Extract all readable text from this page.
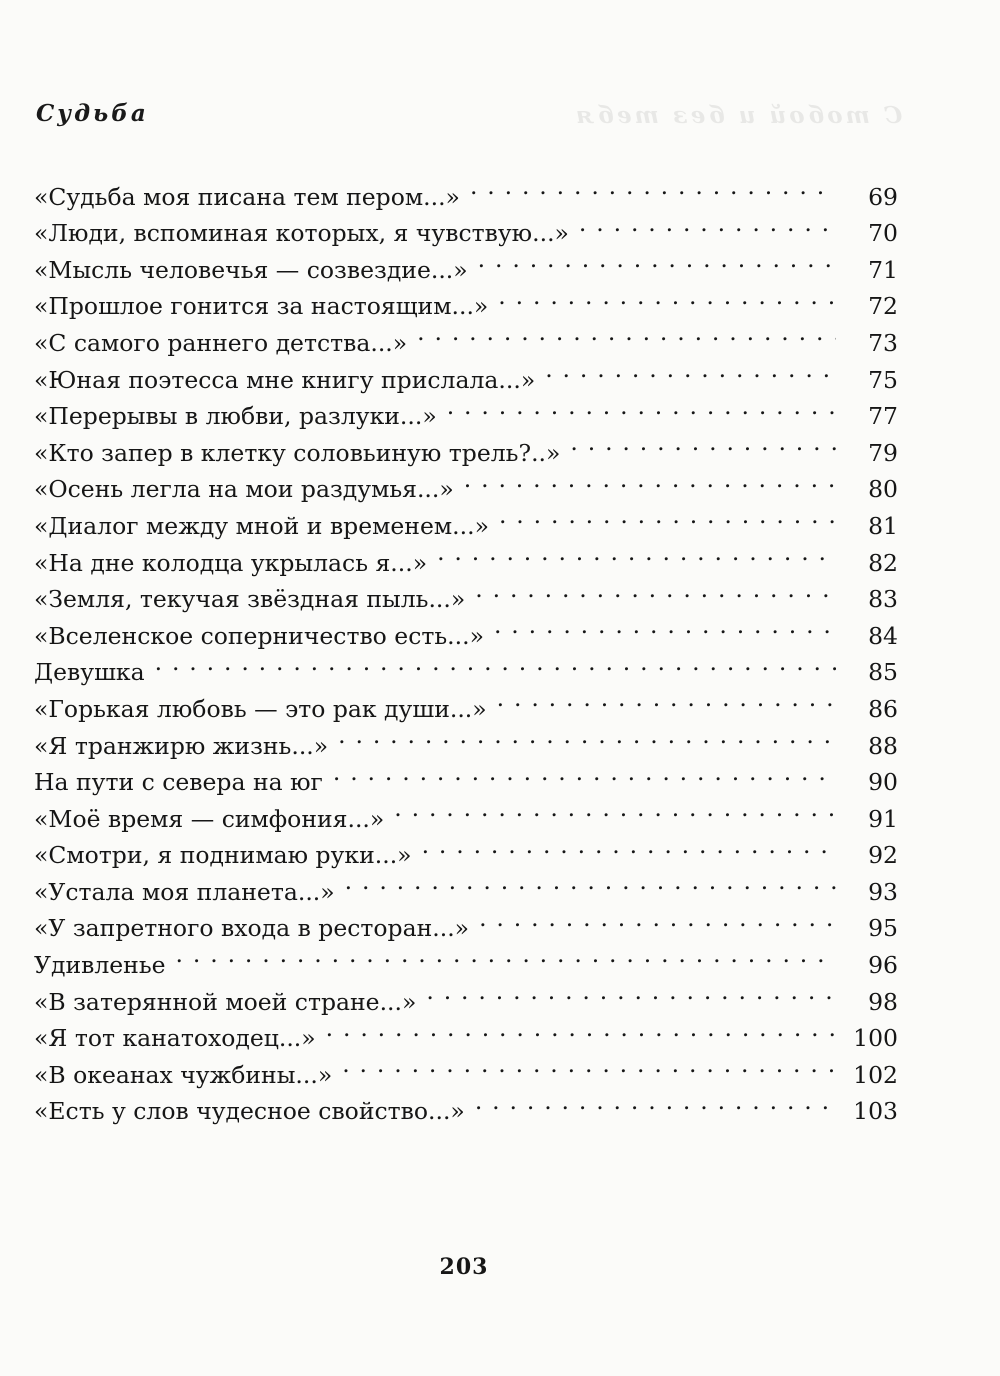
С тобой и без тебя
Судьба
«Судьба моя писана тем пером...» . . .	69
«Люди, вспоминая которых, я чувствую...» . . .	70
«Мысль человечья — созвездие...» . . .	71
«Прошлое гонится за настоящим...» . . .	72
«С самого раннего детства...» . . .	73
«Юная поэтесса мне книгу прислала...» . . .	75
«Перерывы в любви, разлуки...» . . .	77
«Кто запер в клетку соловьиную трель?..» . . .	79
«Осень легла на мои раздумья...» . . .	80
«Диалог между мной и временем...» . . .	81
«На дне колодца укрылась я...» . . .	82
«Земля, текучая звёздная пыль...» . . .	83
«Вселенское соперничество есть...» . . .	84
Девушка . . .	85
«Горькая любовь — это рак души...» . . .	86
«Я транжирю жизнь...» . . .	88
На пути с севера на юг . . .	90
«Моё время — симфония...» . . .	91
«Смотри, я поднимаю руки...» . . .	92
«Устала моя планета...» . . .	93
«У запретного входа в ресторан...» . . .	95
Удивленье . . .	96
«В затерянной моей стране...» . . .	98
«Я тот канатоходец...» . . .	100
«В океанах чужбины...» . . .	102
«Есть у слов чудесное свойство...» . . .	103
203
